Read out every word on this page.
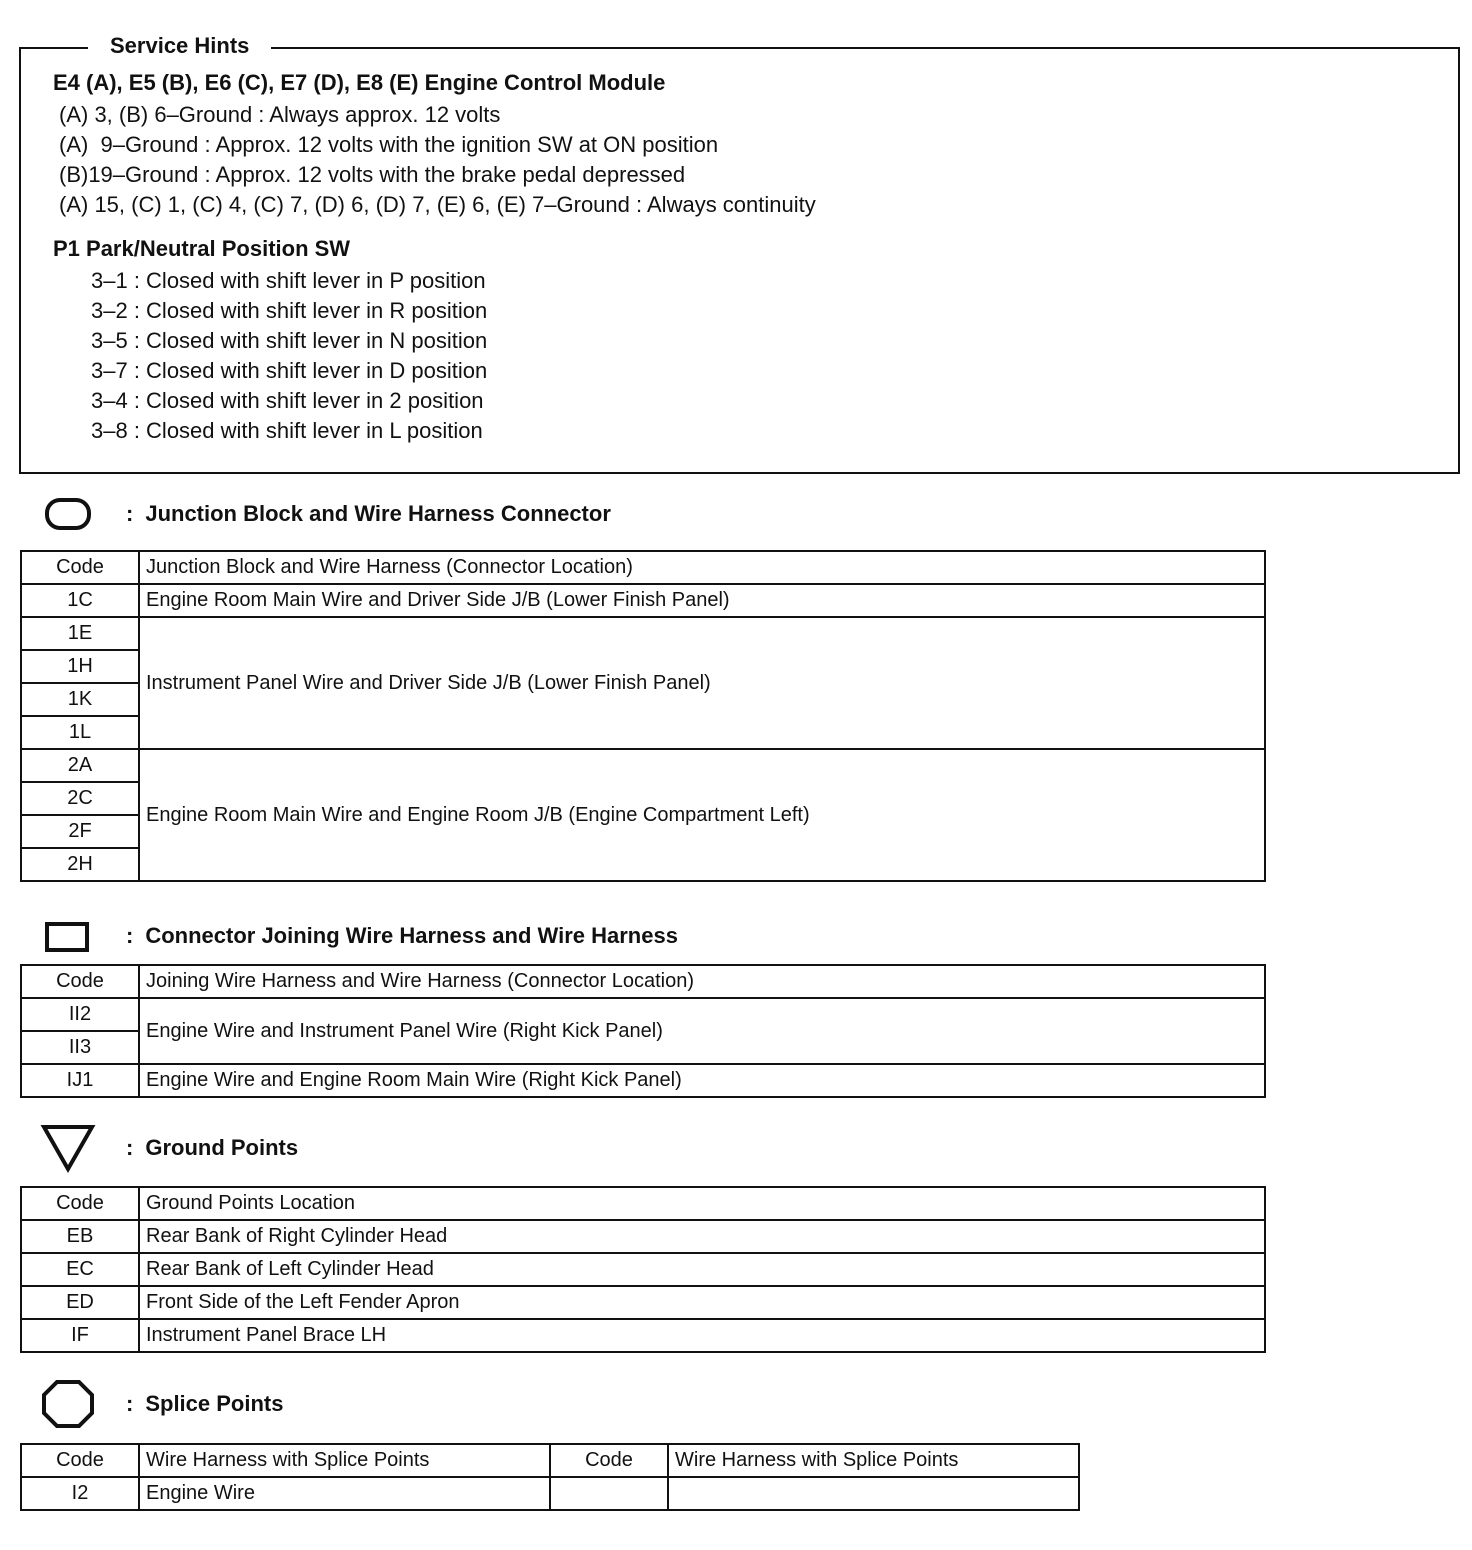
Service Hints

E4 (A), E5 (B), E6 (C), E7 (D), E8 (E) Engine Control Module

(A) 3, (B) 6–Ground : Always approx. 12 volts

(A)  9–Ground : Approx. 12 volts with the ignition SW at ON position

(B)19–Ground : Approx. 12 volts with the brake pedal depressed

(A) 15, (C) 1, (C) 4, (C) 7, (D) 6, (D) 7, (E) 6, (E) 7–Ground : Always continuity

P1 Park/Neutral Position SW

3–1 : Closed with shift lever in P position

3–2 : Closed with shift lever in R position

3–5 : Closed with shift lever in N position

3–7 : Closed with shift lever in D position

3–4 : Closed with shift lever in 2 position

3–8 : Closed with shift lever in L position

: Junction Block and Wire Harness Connector
Code	Junction Block and Wire Harness (Connector Location)
1C	Engine Room Main Wire and Driver Side J/B (Lower Finish Panel)
1E	Instrument Panel Wire and Driver Side J/B (Lower Finish Panel)
1H	
1K	
1L	
2A	Engine Room Main Wire and Engine Room J/B (Engine Compartment Left)
2C	
2F	
2H	
: Connector Joining Wire Harness and Wire Harness
Code	Joining Wire Harness and Wire Harness (Connector Location)
II2	Engine Wire and Instrument Panel Wire (Right Kick Panel)
II3	
IJ1	Engine Wire and Engine Room Main Wire (Right Kick Panel)
: Ground Points
Code	Ground Points Location
EB	Rear Bank of Right Cylinder Head
EC	Rear Bank of Left Cylinder Head
ED	Front Side of the Left Fender Apron
IF	Instrument Panel Brace LH
: Splice Points
Code	Wire Harness with Splice Points	Code	Wire Harness with Splice Points
I2	Engine Wire		
